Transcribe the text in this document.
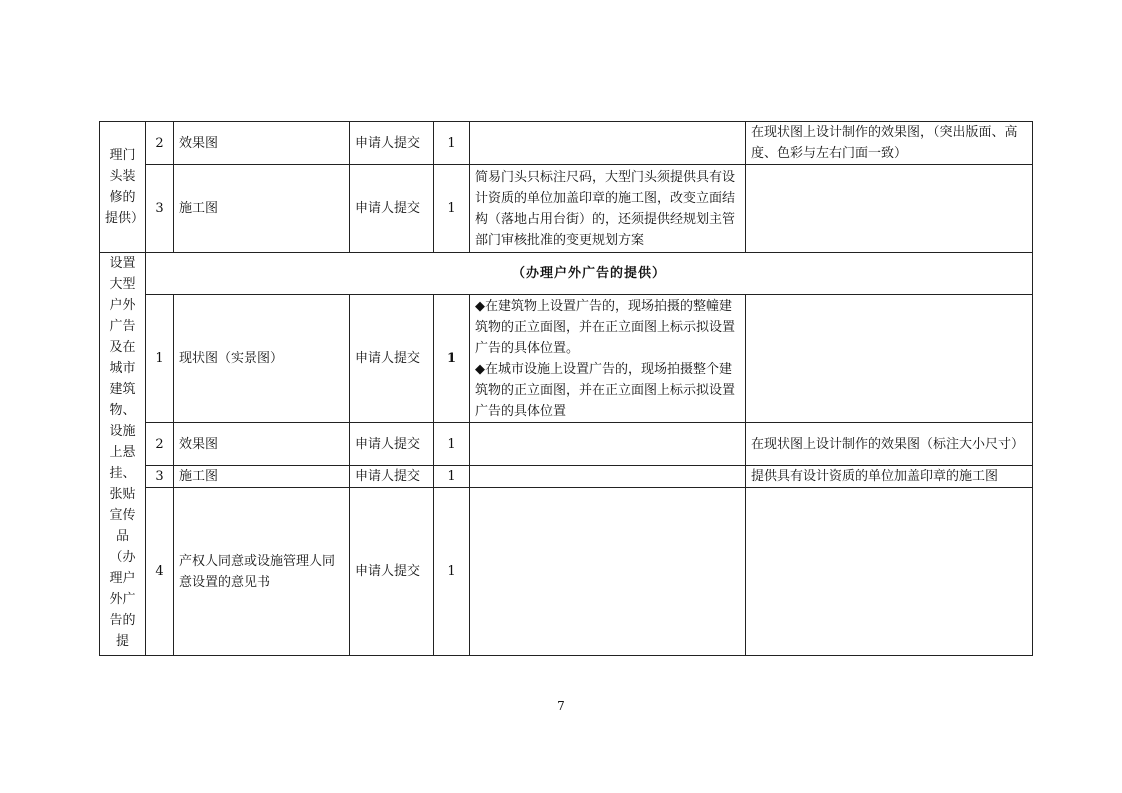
理门头装修的提供）	2	效果图	申请人提交	1		在现状图上设计制作的效果图，（突出版面、高度、色彩与左右门面一致）
	3	施工图	申请人提交	1	简易门头只标注尺码，大型门头须提供具有设计资质的单位加盖印章的施工图，改变立面结构（落地占用台街）的，还须提供经规划主管部门审核批准的变更规划方案	
设置大型户外广告及在城市建筑物、设施上悬挂、张贴宣传品（办理户外广告的提	（办理户外广告的提供）					
	1	现状图（实景图）	申请人提交	1	◆在建筑物上设置广告的，现场拍摄的整幢建筑物的正立面图，并在正立面图上标示拟设置广告的具体位置。
◆在城市设施上设置广告的，现场拍摄整个建筑物的正立面图，并在正立面图上标示拟设置广告的具体位置	

	2	效果图	申请人提交	1		在现状图上设计制作的效果图（标注大小尺寸）
	3	施工图	申请人提交	1		提供具有设计资质的单位加盖印章的施工图
	4	产权人同意或设施管理人同意设置的意见书	申请人提交	1		
7
